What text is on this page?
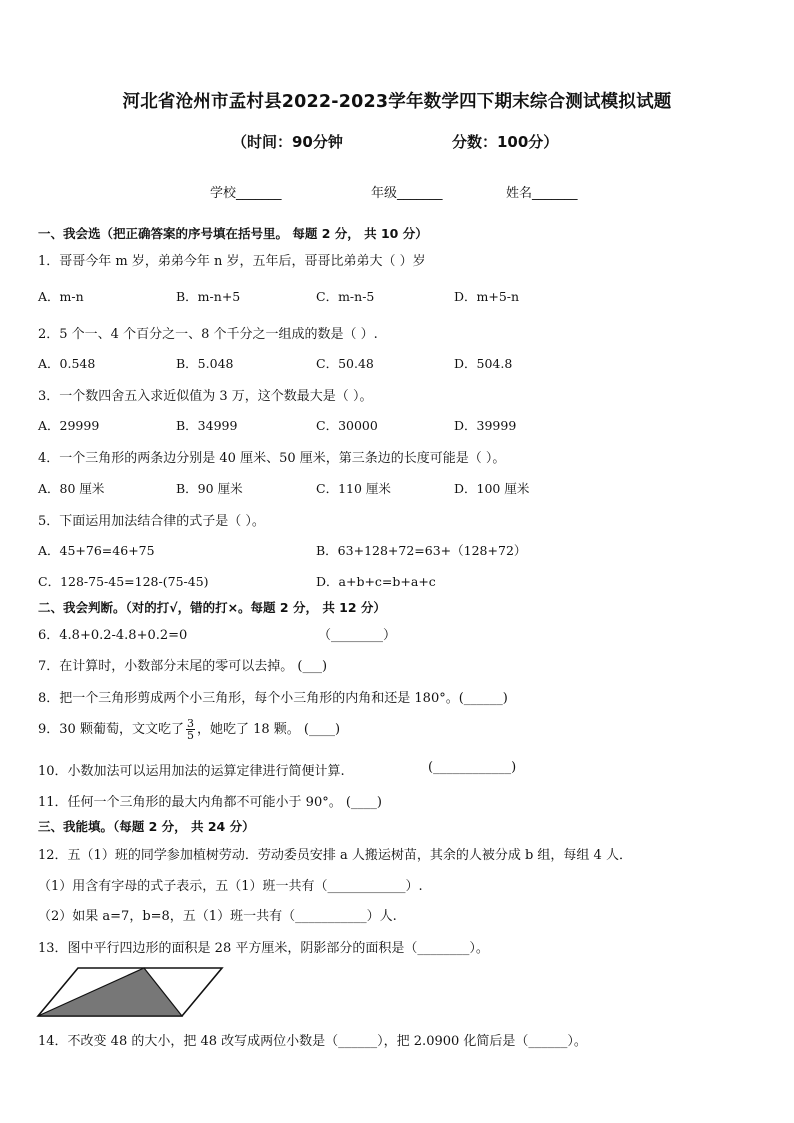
河北省沧州市孟村县2022-2023学年数学四下期末综合测试模拟试题
（时间：90分钟	分数：100分）
学校_______	年级_______	姓名_______
一、我会选（把正确答案的序号填在括号里。 每题 2 分， 共 10 分）
1．哥哥今年 m 岁，弟弟今年 n 岁，五年后，哥哥比弟弟大（ ）岁
A．m-n	B．m-n+5	C．m-n-5	D．m+5-n
2．5 个一、4 个百分之一、8 个千分之一组成的数是（ ）.
A．0.548	B．5.048	C．50.48	D．504.8
3．一个数四舍五入求近似值为 3 万，这个数最大是（ ）。
A．29999	B．34999	C．30000	D．39999
4．一个三角形的两条边分别是 40 厘米、50 厘米，第三条边的长度可能是（ ）。
A．80 厘米	B．90 厘米	C．110 厘米	D．100 厘米
5．下面运用加法结合律的式子是（ ）。
A．45+76=46+75	B．63+128+72=63+（128+72）
C．128-75-45=128-(75-45)	D．a+b+c=b+a+c
二、我会判断。（对的打√，错的打×。每题 2 分， 共 12 分）
6．4.8+0.2-4.8+0.2=0	（________）
7．在计算时，小数部分末尾的零可以去掉。 (___)
8．把一个三角形剪成两个小三角形，每个小三角形的内角和还是 180°。(______)
9．30 颗葡萄，文文吃了 $\frac{3}{5}$ ，她吃了 18 颗。 (____)
10．小数加法可以运用加法的运算定律进行简便计算.	(____________)
11．任何一个三角形的最大内角都不可能小于 90°。 (____)
三、我能填。（每题 2 分， 共 24 分）
12．五（1）班的同学参加植树劳动．劳动委员安排 a 人搬运树苗，其余的人被分成 b 组，每组 4 人．
（1）用含有字母的式子表示，五（1）班一共有（____________）.
（2）如果 a=7，b=8，五（1）班一共有（___________）人.
13．图中平行四边形的面积是 28 平方厘米，阴影部分的面积是（________）。
14．不改变 48 的大小，把 48 改写成两位小数是（______），把 2.0900 化简后是（______）。
